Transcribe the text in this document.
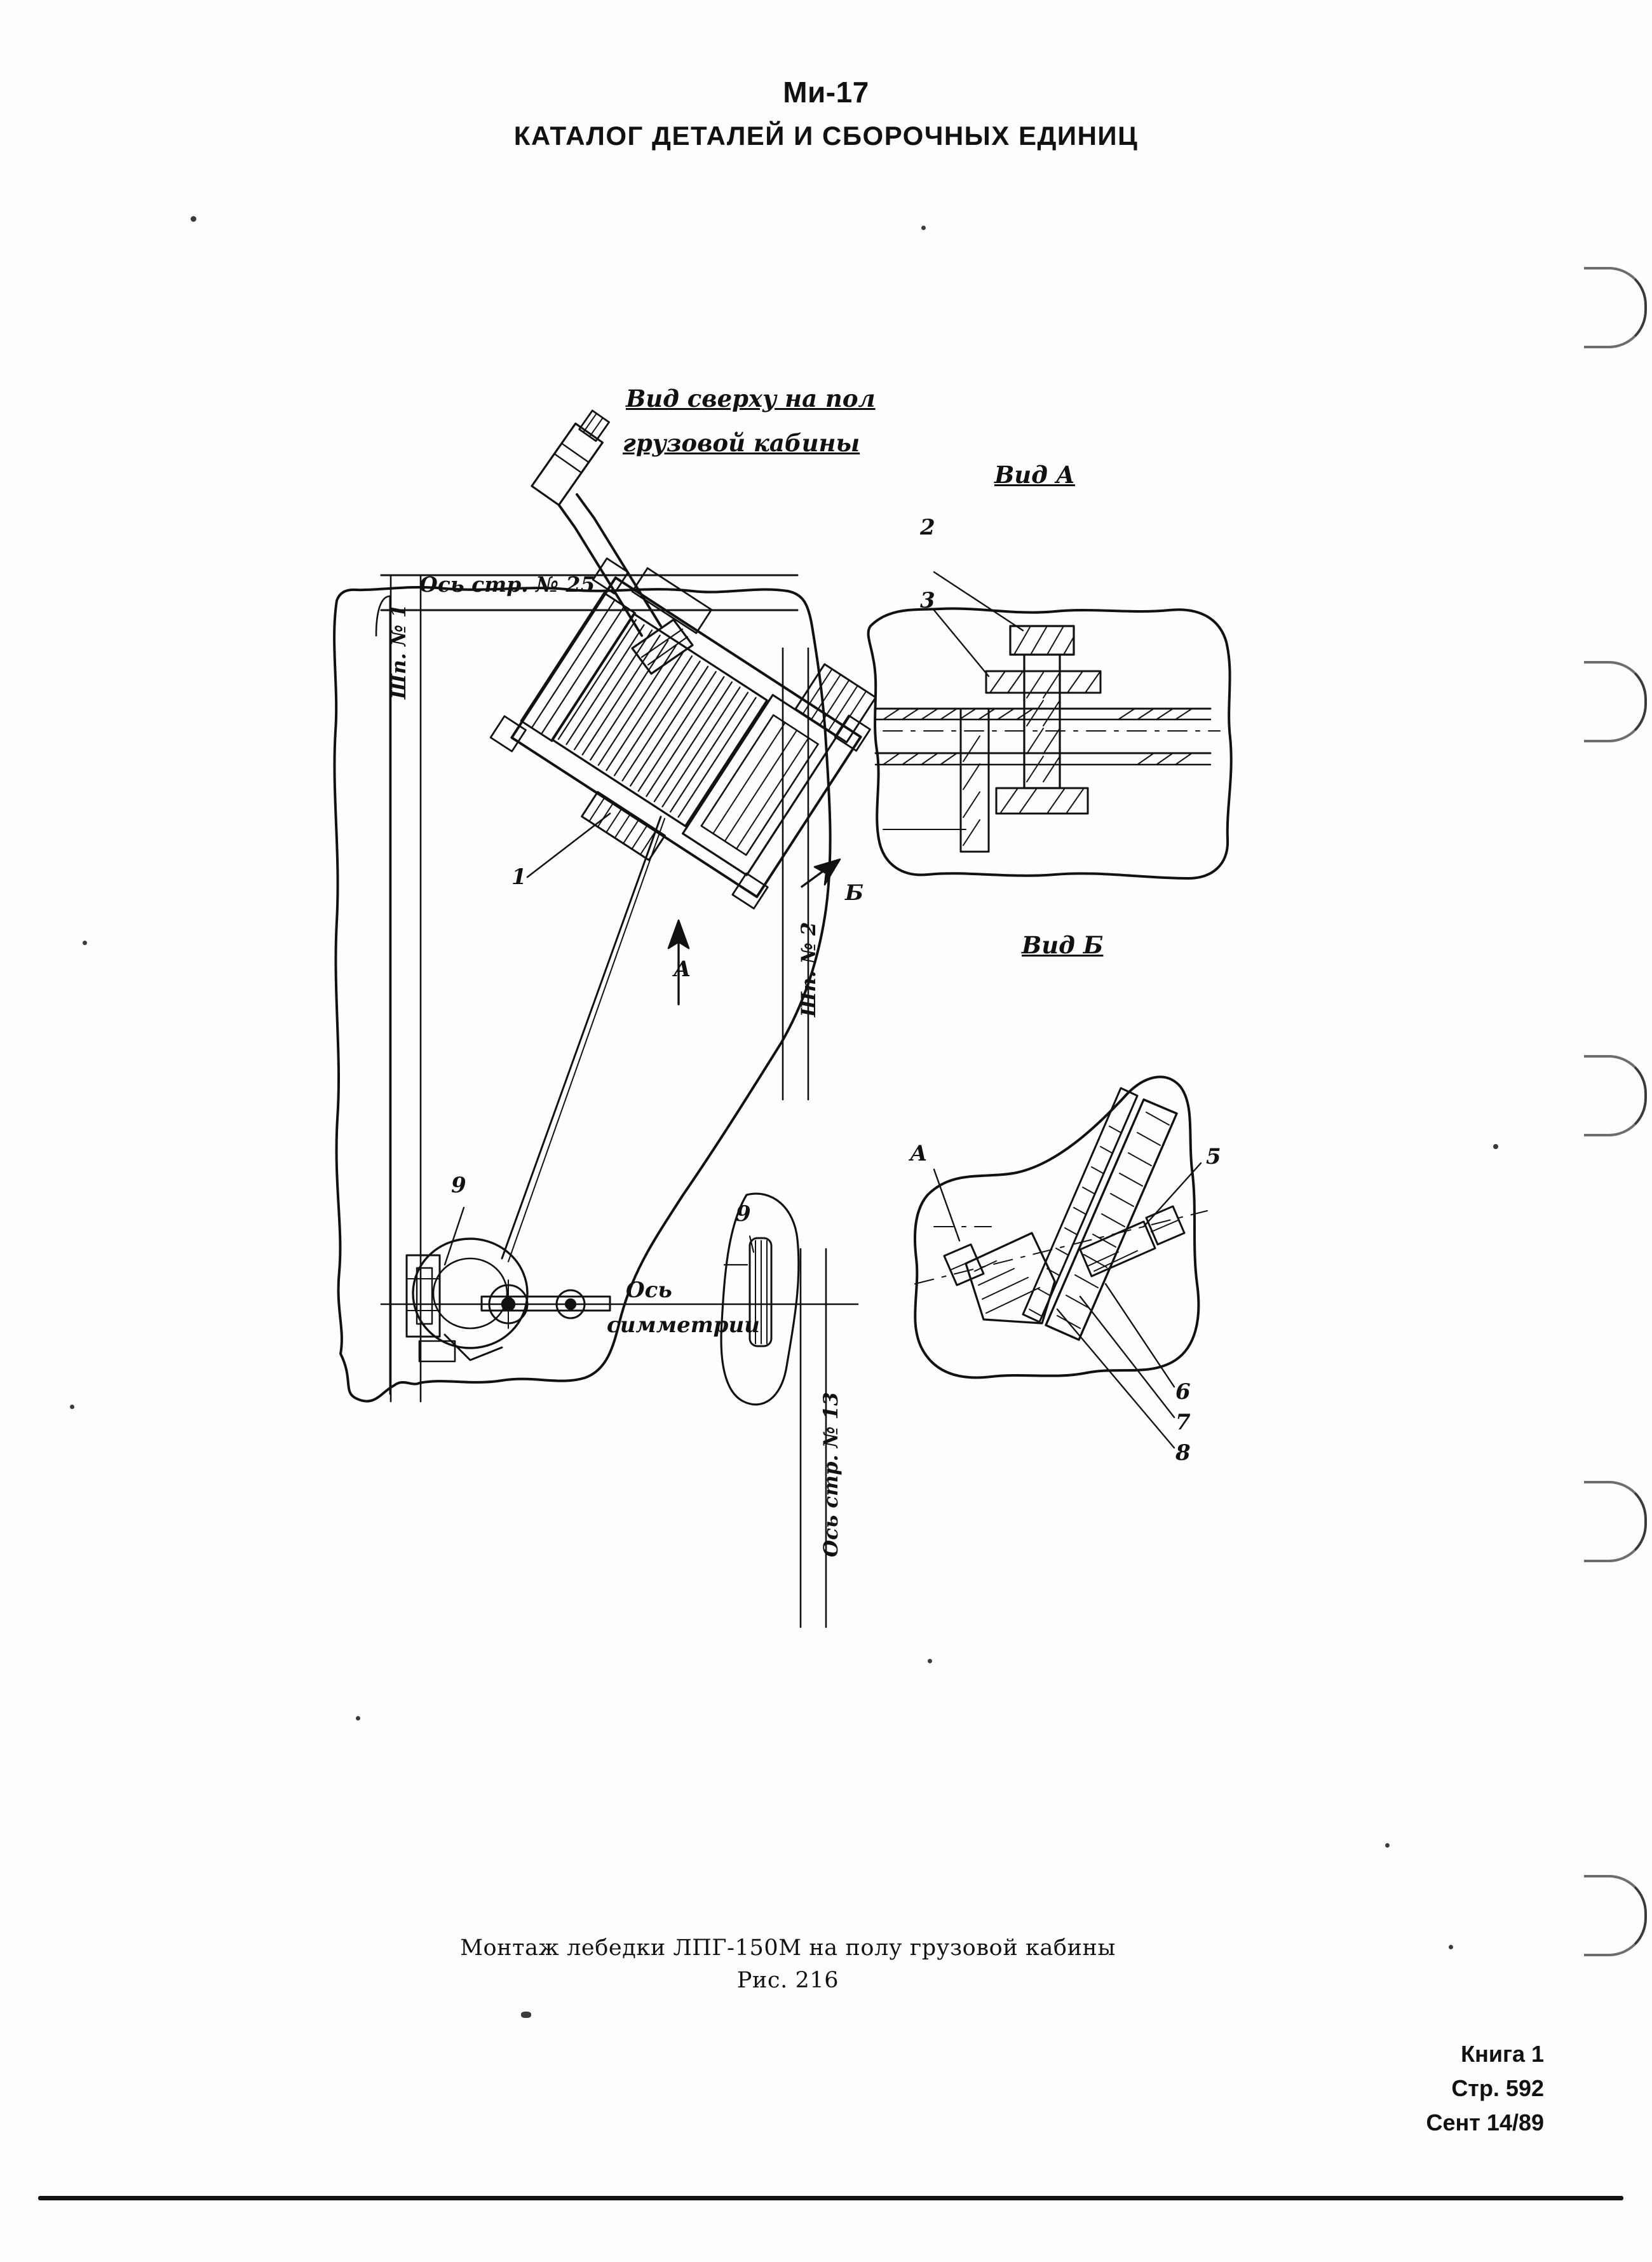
Ми-17
КАТАЛОГ ДЕТАЛЕЙ И СБОРОЧНЫХ ЕДИНИЦ
Вид сверху на пол
грузовой кабины
Вид А
Вид Б
Ось стр. № 25
Шп. № 1
Шп. № 2
Ось стр. № 13
Ось
симметрии
А
Б
А
1
2
3
5
6
7
8
9
9
Монтаж лебедки ЛПГ-150М на полу грузовой кабины
Рис. 216
Книга 1
Стр. 592
Сент 14/89
